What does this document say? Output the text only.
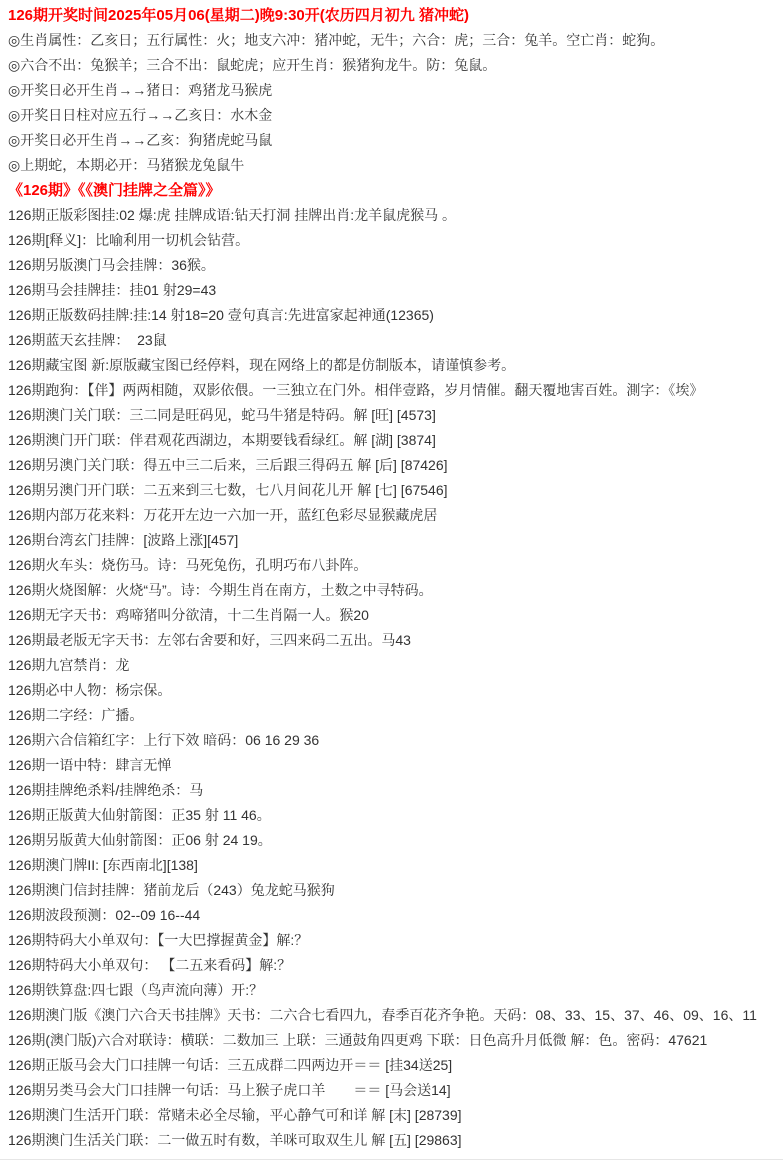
126期开奖时间2025年05月06(星期二)晚9:30开(农历四月初九 猪冲蛇)

◎生肖属性：乙亥日；五行属性：火；地支六冲：猪冲蛇，无牛；六合：虎；三合：兔羊。空亡肖：蛇狗。

◎六合不出：兔猴羊；三合不出：鼠蛇虎；应开生肖：猴猪狗龙牛。防：兔鼠。

◎开奖日必开生肖→→猪日：鸡猪龙马猴虎

◎开奖日日柱对应五行→→乙亥日：水木金

◎开奖日必开生肖→→乙亥：狗猪虎蛇马鼠

◎上期蛇，本期必开：马猪猴龙兔鼠牛

《126期》《《澳门挂牌之全篇》》

126期正版彩图挂:02 爆:虎 挂牌成语:钻天打洞 挂牌出肖:龙羊鼠虎猴马 。

126期[释义]：比喻利用一切机会钻营。

126期另版澳门马会挂牌：36猴。

126期马会挂牌挂：挂01 射29=43

126期正版数码挂牌:挂:14 射18=20 壹句真言:先进富家起神通(12365)

126期蓝天玄挂牌：  23鼠

126期藏宝图 新:原版藏宝图已经停料，现在网络上的都是仿制版本，请谨慎参考。

126期跑狗：【伴】两两相随，双影依偎。一三独立在门外。相伴壹路，岁月情催。翻天覆地害百姓。測字：《埃》

126期澳门关门联：三二同是旺码见，蛇马牛猪是特码。解 [旺] [4573]

126期澳门开门联：伴君观花西湖边，本期要钱看绿红。解 [湖] [3874]

126期另澳门关门联：得五中三二后来，三后跟三得码五 解 [后] [87426]

126期另澳门开门联：二五来到三七数，七八月间花儿开 解 [七] [67546]

126期内部万花来料：万花开左边一六加一开，蓝红色彩尽显猴藏虎居

126期台湾玄门挂牌：[波路上涨][457]

126期火车头：烧伤马。诗：马死兔伤，孔明巧布八卦阵。

126期火烧图解：火烧“马”。诗：今期生肖在南方，土数之中寻特码。

126期无字天书：鸡啼猪叫分欲清，十二生肖隔一人。猴20

126期最老版无字天书：左邻右舍要和好，三四来码二五出。马43

126期九宫禁肖：龙

126期必中人物：杨宗保。

126期二字经：广播。

126期六合信箱红字：上行下效 暗码：06 16 29 36

126期一语中特：肆言无惮

126期挂牌绝杀料/挂牌绝杀：马

126期正版黄大仙射箭图：正35 射 11 46。

126期另版黄大仙射箭图：正06 射 24 19。

126期澳门牌II: [东西南北][138]

126期澳门信封挂牌：猪前龙后（243）兔龙蛇马猴狗

126期波段预测：02--09 16--44

126期特码大小单双句：【一大巴撑握黄金】解:？

126期特码大小单双句： 【二五来看码】解:？

126期铁算盘:四七跟（鸟声流向薄）开:？

126期澳门版《澳门六合天书挂牌》天书：二六合七看四九，春季百花齐争艳。天码：08、33、15、37、46、09、16、11

126期(澳门版)六合对联诗：横联：二数加三 上联：三通鼓角四更鸡 下联：日色高升月低微 解：色。密码：47621

126期正版马会大门口挂牌一句话：三五成群二四两边开＝＝ [挂34送25]

126期另类马会大门口挂牌一句话：马上猴子虎口羊　　＝＝ [马会送14]

126期澳门生活开门联：常赌未必全尽输，平心静气可和详 解 [末] [28739]

126期澳门生活关门联：二一做五时有数，羊咪可取双生儿 解 [五] [29863]
